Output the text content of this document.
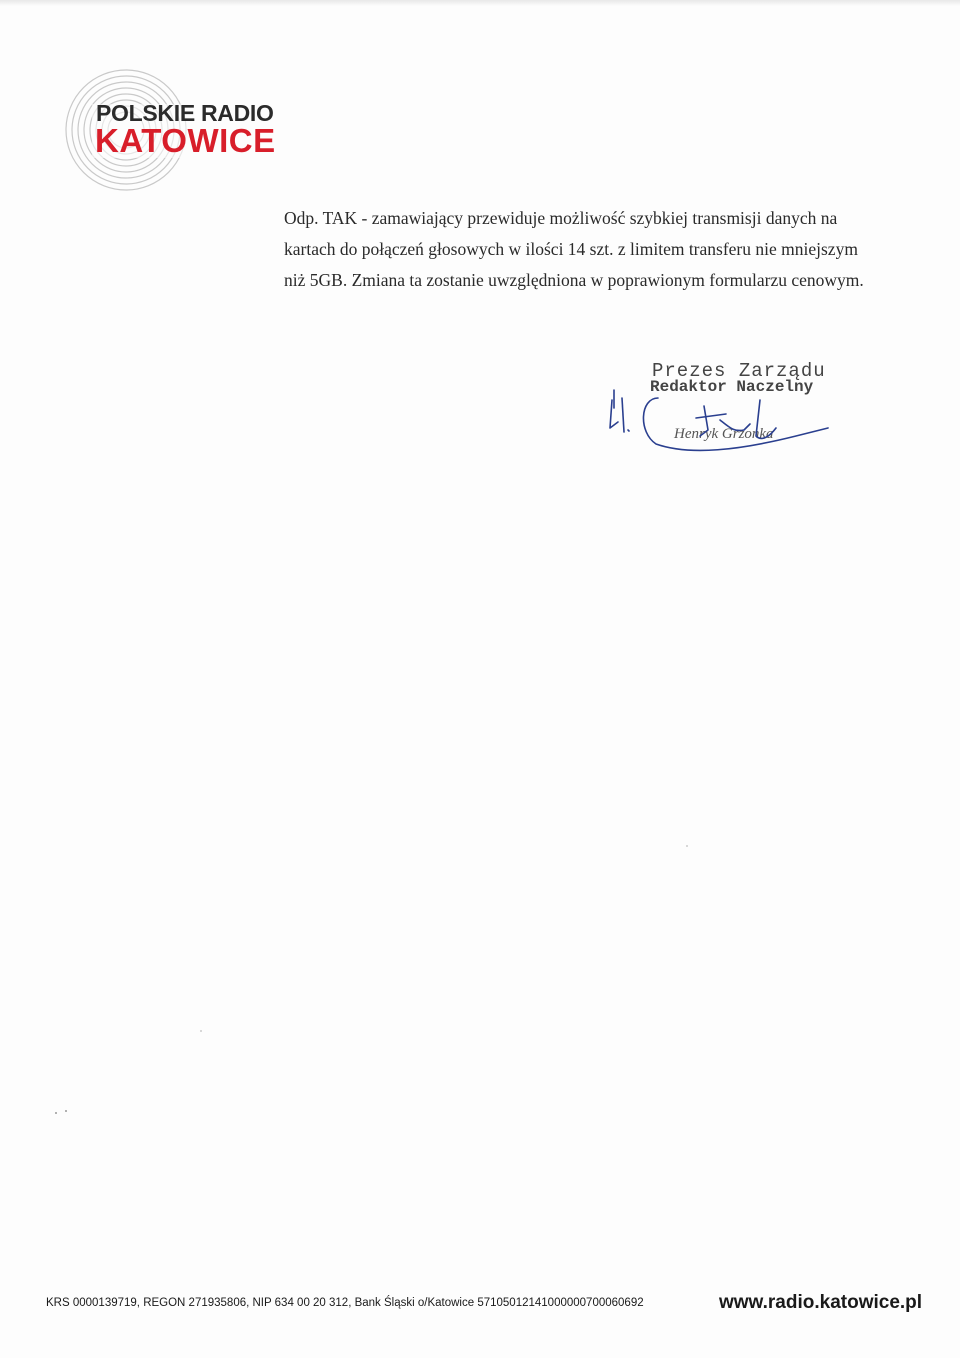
POLSKIE RADIO
KATOWICE

Odp. TAK - zamawiający przewiduje możliwość szybkiej transmisji danych na

kartach do połączeń głosowych w ilości 14 szt. z limitem transferu nie mniejszym

niż 5GB. Zmiana ta zostanie uwzględniona w poprawionym formularzu cenowym.

Prezes Zarządu
Redaktor Naczelny
Henryk Grzonka
KRS 0000139719, REGON 271935806, NIP 634 00 20 312, Bank Śląski o/Katowice 57105012141000000700060692	www.radio.katowice.pl
